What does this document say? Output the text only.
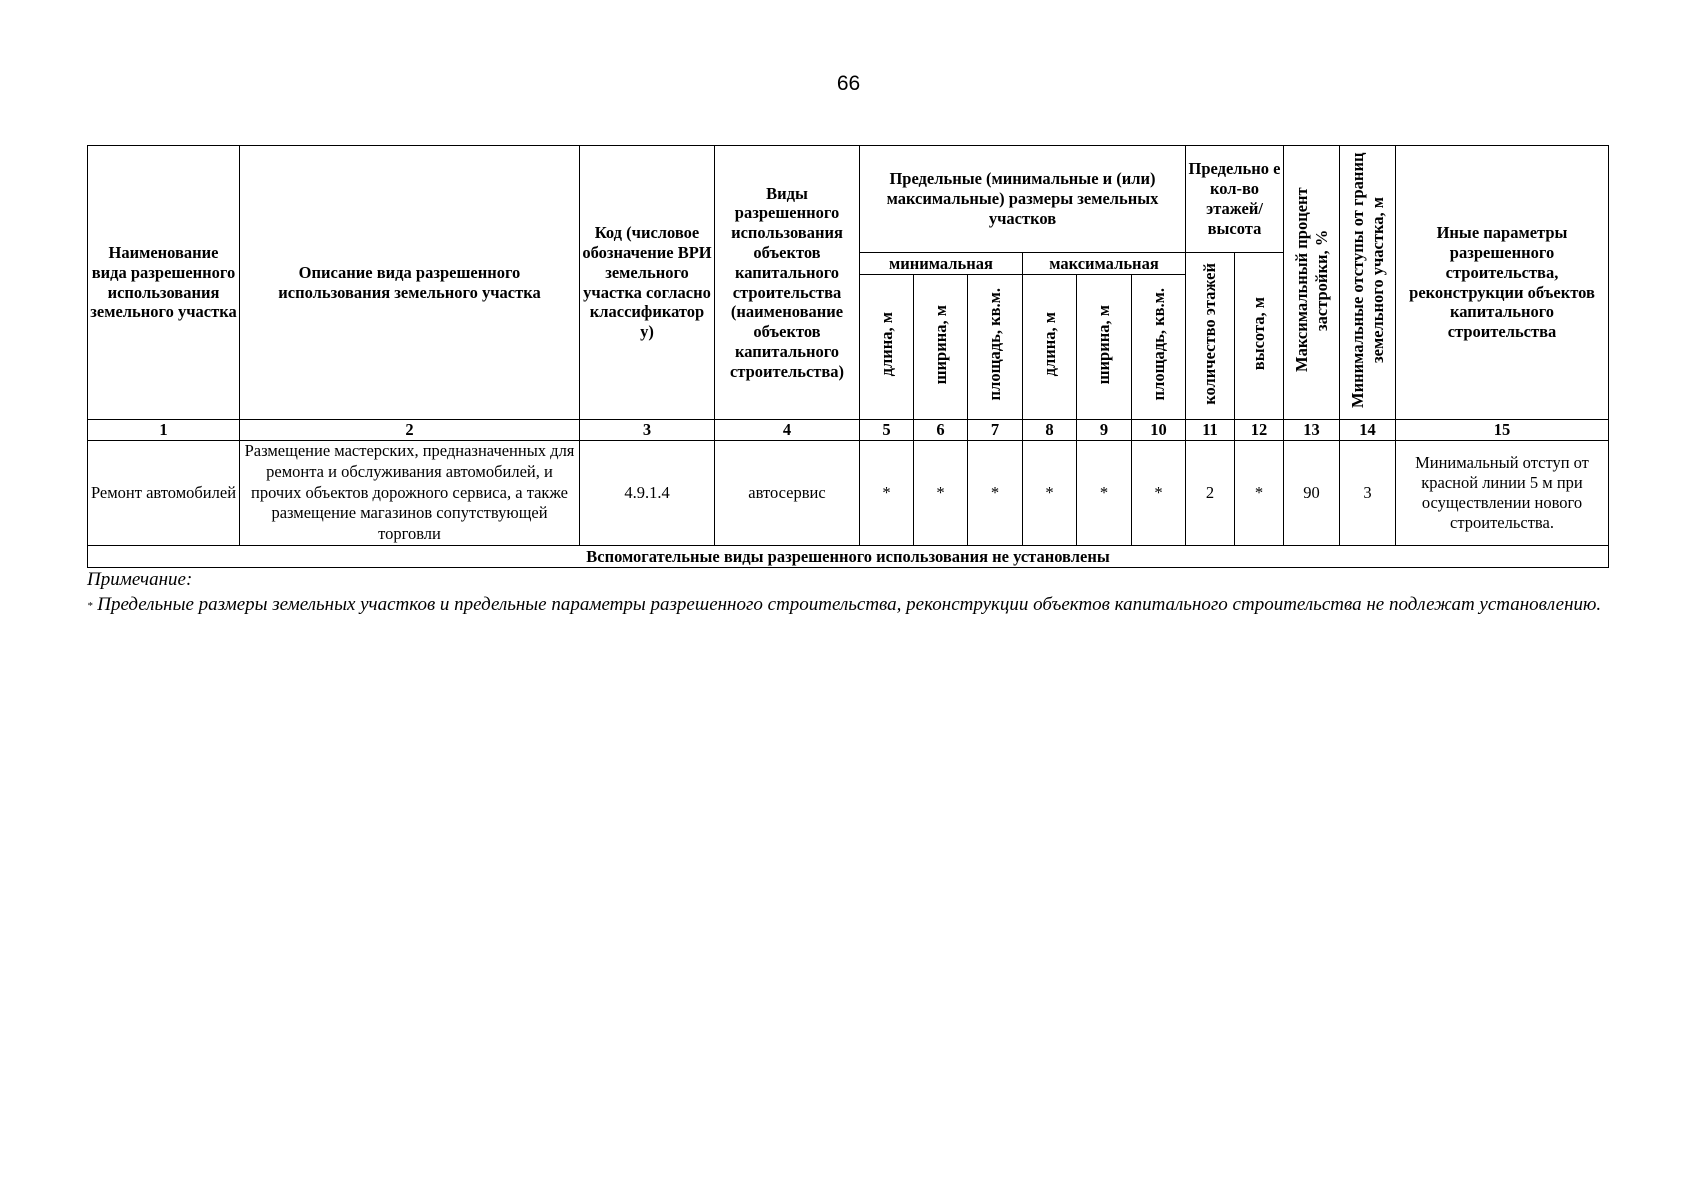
66
Наименование вида разрешенного использования земельного участка	Описание вида разрешенного использования земельного участка	Код (числовое обозначение ВРИ земельного участка согласно классификатор у)	Виды разрешенного использования объектов капитального строительства (наименование объектов капитального строительства)	Предельные (минимальные и (или) максимальные) размеры земельных участков						Предельно е кол-во этажей/ высота		Максимальный процент застройки, %	Минимальные отступы от границ земельного участка, м	Иные параметры разрешенного строительства, реконструкции объектов капитального строительства
				минимальная			максимальная			количество этажей	высота, м			
				длина, м	ширина, м	площадь, кв.м.	длина, м	ширина, м	площадь, кв.м.					
1	2	3	4	5	6	7	8	9	10	11	12	13	14	15
Ремонт автомобилей	Размещение мастерских, предназначенных для ремонта и обслуживания автомобилей, и прочих объектов дорожного сервиса, а также размещение магазинов сопутствующей торговли	4.9.1.4	автосервис	*	*	*	*	*	*	2	*	90	3	Минимальный отступ от красной линии 5 м при осуществлении нового строительства.
Вспомогательные виды разрешенного использования не установлены														
Примечание:
* Предельные размеры земельных участков и предельные параметры разрешенного строительства, реконструкции объектов капитального строительства не подлежат установлению.
